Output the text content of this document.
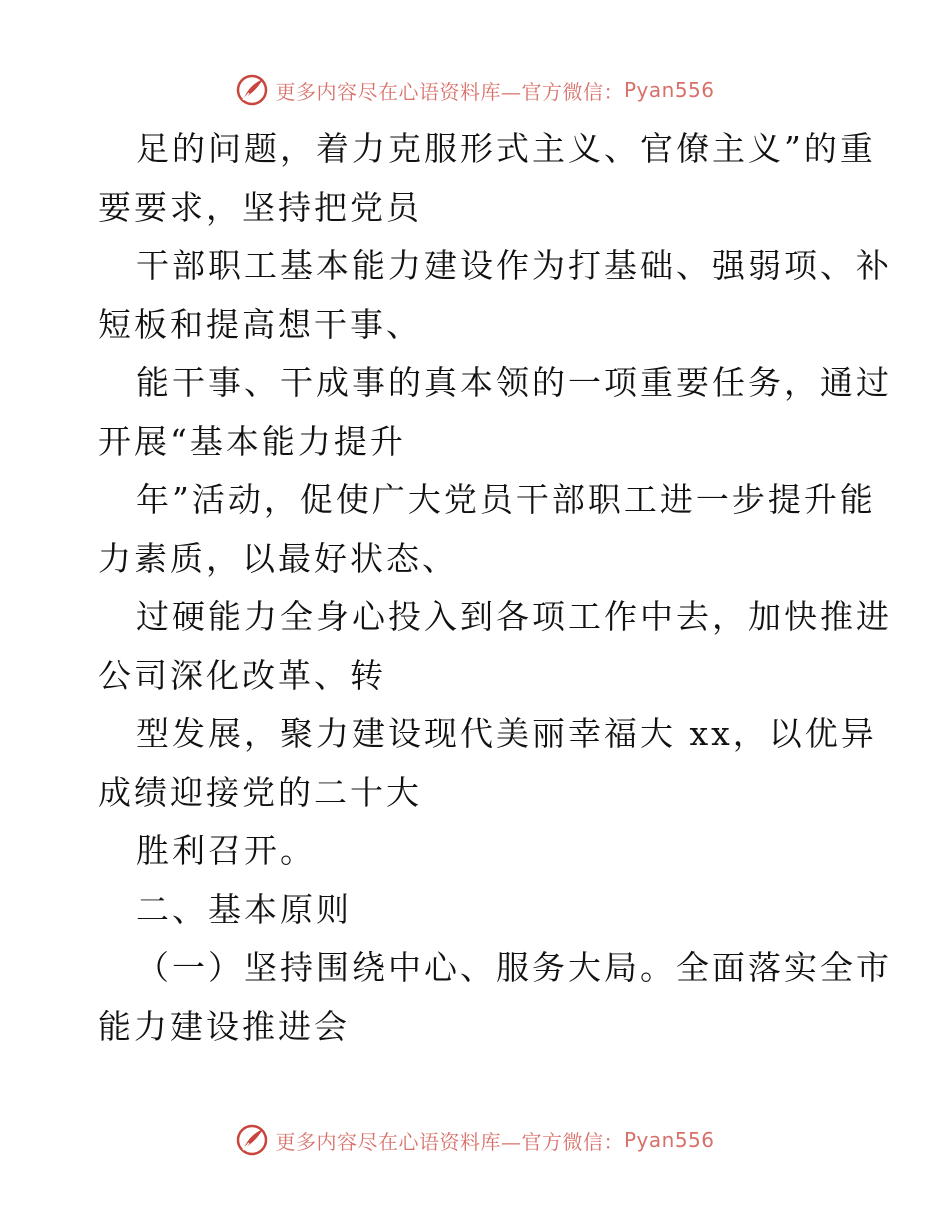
更多内容尽在心语资料库—官方微信： Pyan556
足的问题，着力克服形式主义、官僚主义”的重
要要求，坚持把党员
干部职工基本能力建设作为打基础、强弱项、补
短板和提高想干事、
能干事、干成事的真本领的一项重要任务，通过
开展“基本能力提升
年”活动，促使广大党员干部职工进一步提升能
力素质，以最好状态、
过硬能力全身心投入到各项工作中去，加快推进
公司深化改革、转
型发展，聚力建设现代美丽幸福大 xx，以优异
成绩迎接党的二十大
胜利召开。
二、基本原则
（一）坚持围绕中心、服务大局。全面落实全市
能力建设推进会
更多内容尽在心语资料库—官方微信： Pyan556
